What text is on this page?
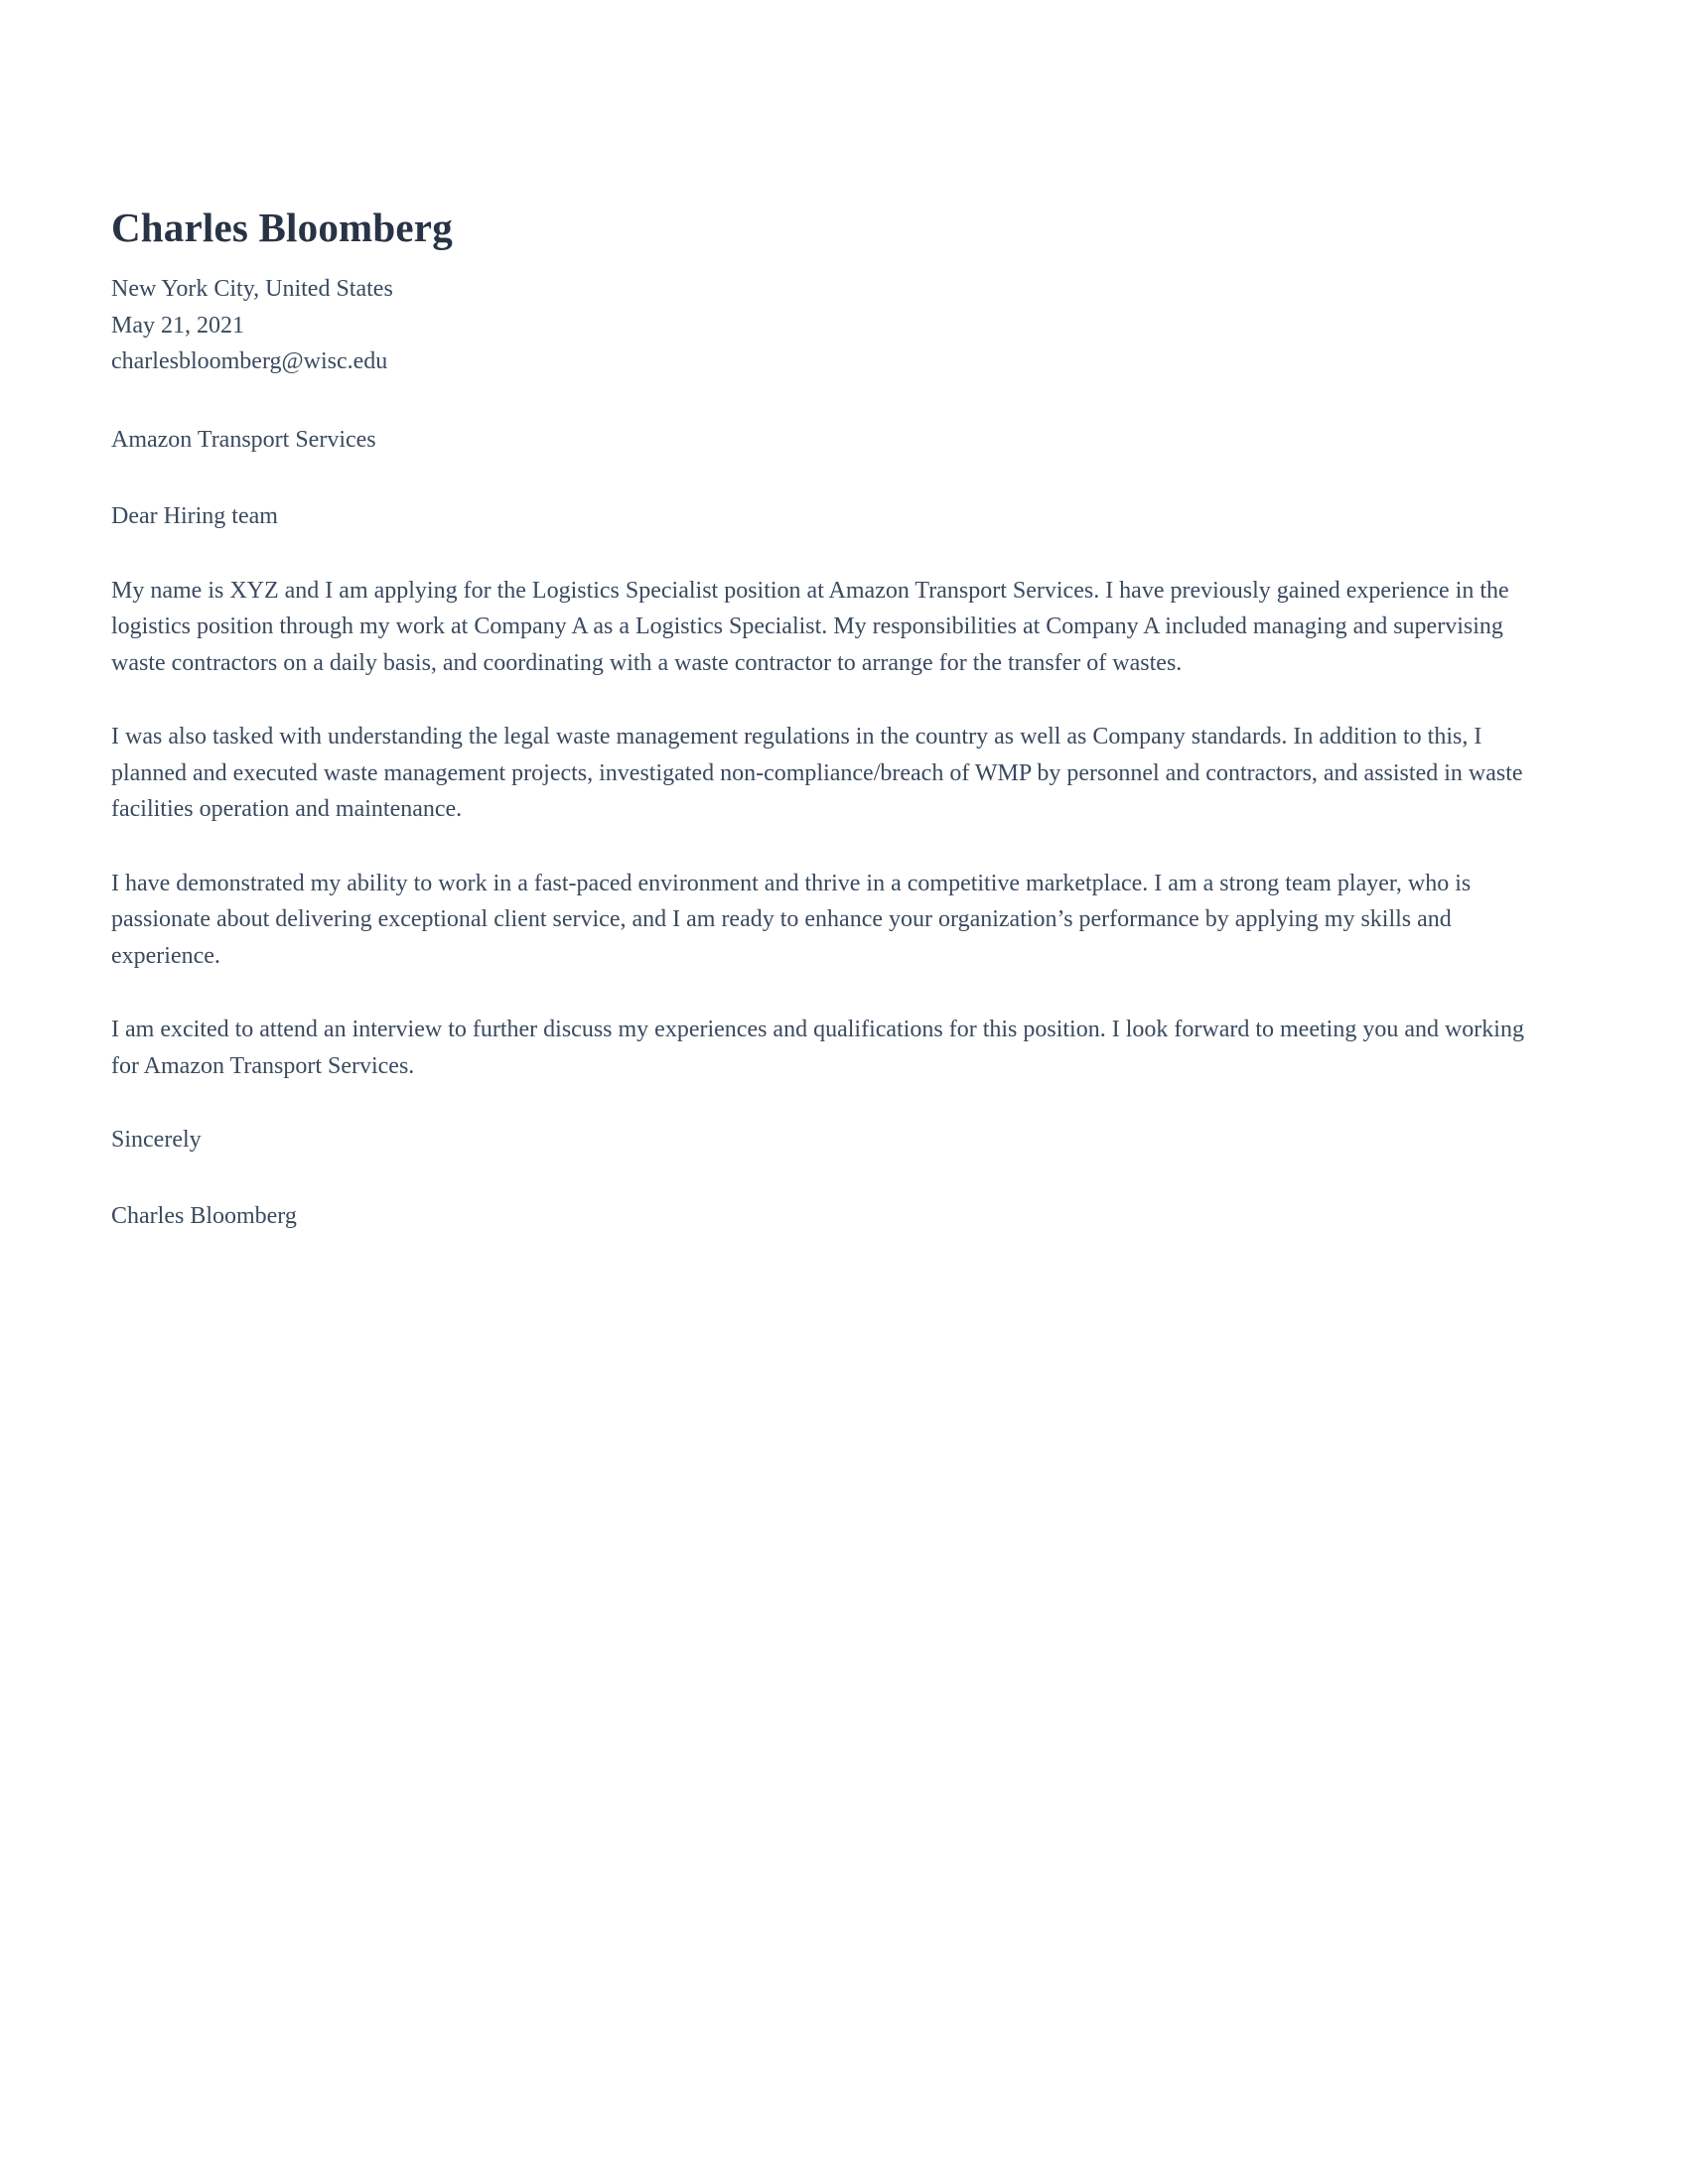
Charles Bloomberg

New York City, United States

May 21, 2021

charlesbloomberg@wisc.edu

Amazon Transport Services

Dear Hiring team

My name is XYZ and I am applying for the Logistics Specialist position at Amazon Transport Services. I have previously gained experience in the logistics position through my work at Company A as a Logistics Specialist. My responsibilities at Company A included managing and supervising waste contractors on a daily basis, and coordinating with a waste contractor to arrange for the transfer of wastes.

I was also tasked with understanding the legal waste management regulations in the country as well as Company standards. In addition to this, I planned and executed waste management projects, investigated non-compliance/breach of WMP by personnel and contractors, and assisted in waste facilities operation and maintenance.

I have demonstrated my ability to work in a fast-paced environment and thrive in a competitive marketplace. I am a strong team player, who is passionate about delivering exceptional client service, and I am ready to enhance your organization’s performance by applying my skills and experience.

I am excited to attend an interview to further discuss my experiences and qualifications for this position. I look forward to meeting you and working for Amazon Transport Services.

Sincerely

Charles Bloomberg
